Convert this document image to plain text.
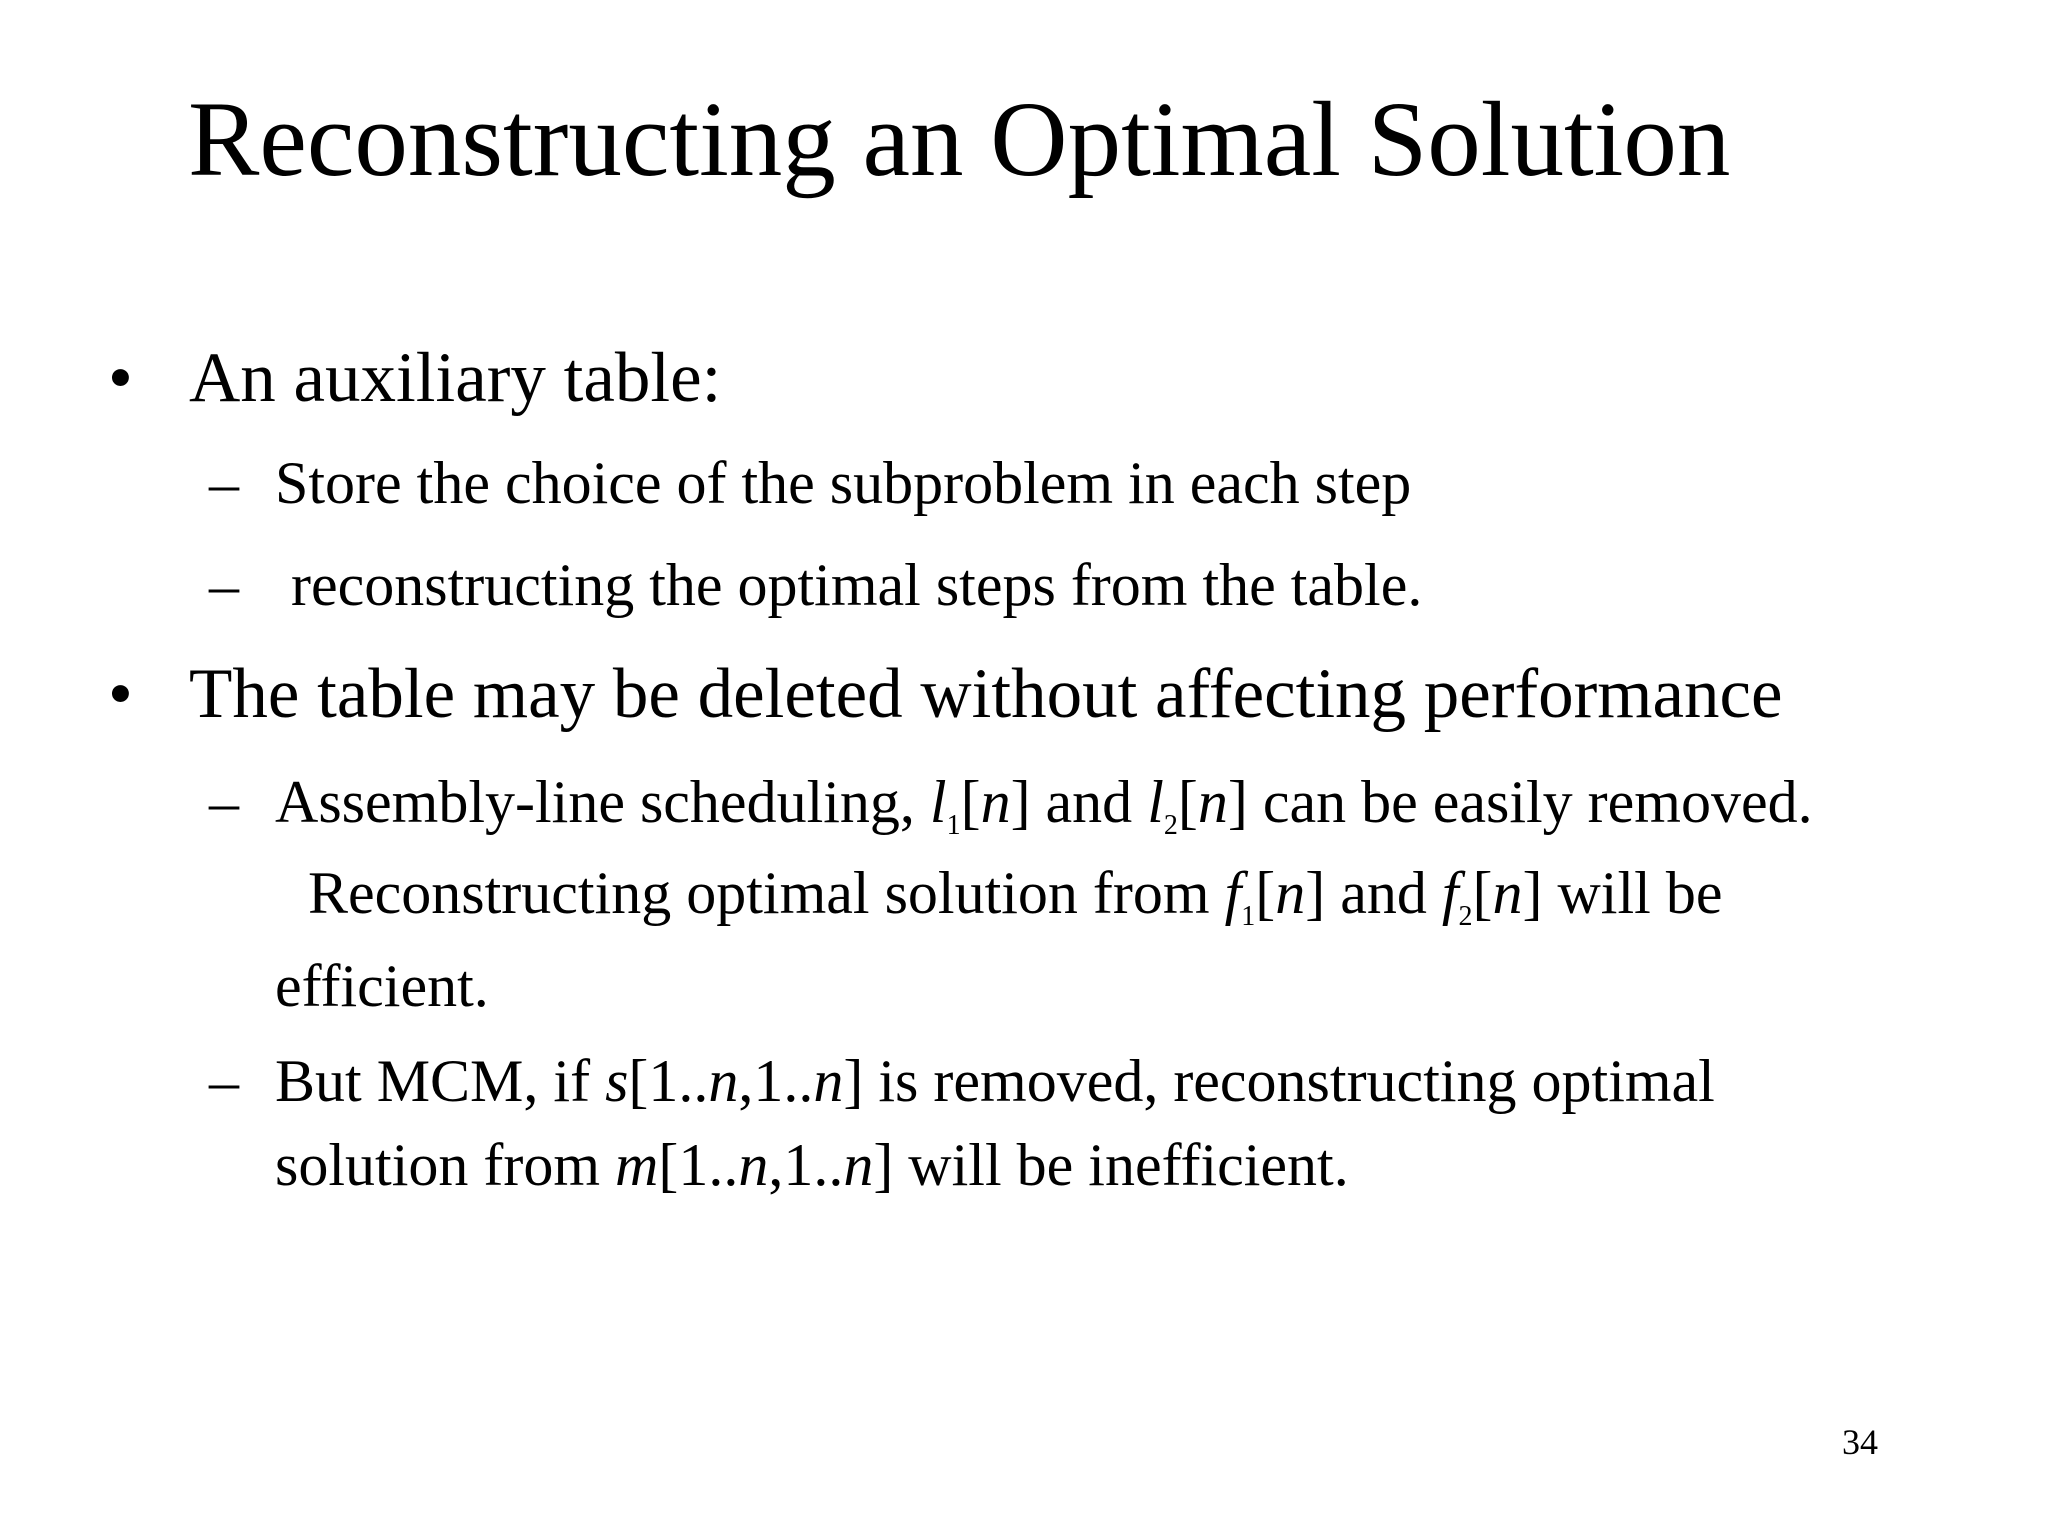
Reconstructing an Optimal Solution
• An auxiliary table:
– Store the choice of the subproblem in each step
– reconstructing the optimal steps from the table.
• The table may be deleted without affecting performance
– Assembly-line scheduling, $l_1[n]$ and $l_2[n]$ can be easily removed.
Reconstructing optimal solution from $f_1[n]$ and $f_2[n]$ will be
efficient.
– But MCM, if s[1..n,1..n] is removed, reconstructing optimal
solution from m[1..n,1..n] will be inefficient.
34
